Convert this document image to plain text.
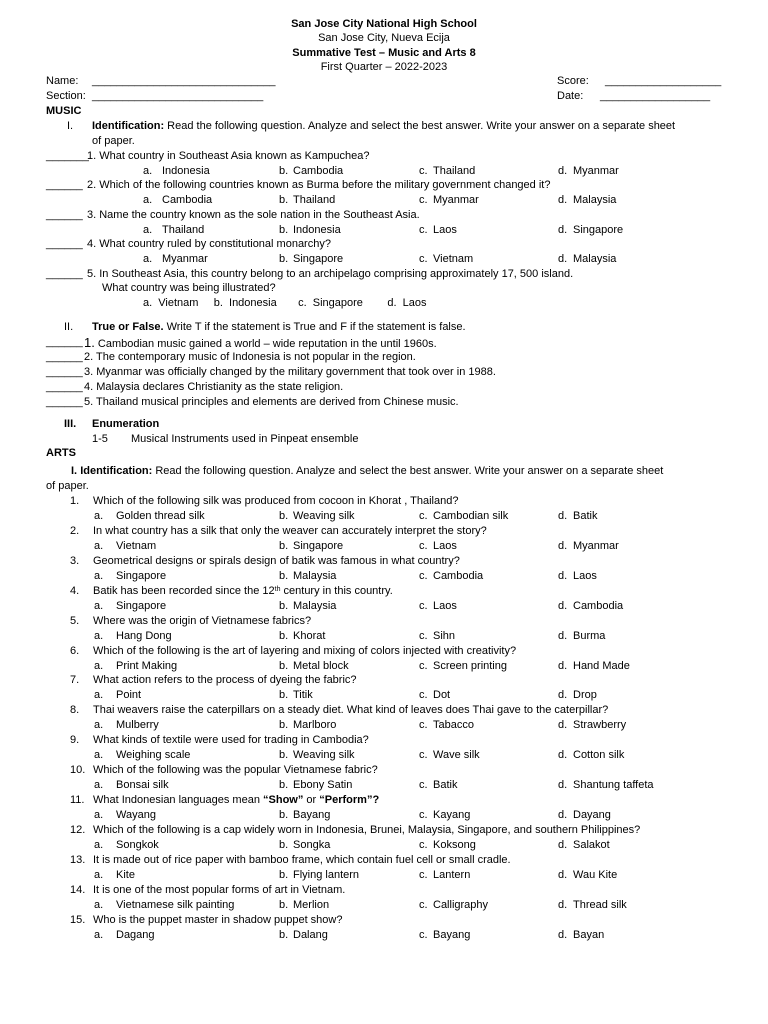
San Jose City National High School
San Jose City, Nueva Ecija
Summative Test – Music and Arts 8
First Quarter – 2022-2023
Name: ______________________________	Score: ___________________
Section: ____________________________	Date: __________________
MUSIC
I. Identification: Read the following question. Analyze and select the best answer. Write your answer on a separate sheet
of paper.
_______
1. What country in Southeast Asia known as Kampuchea?
a. Indonesia	b. Cambodia	c. Thailand	d. Myanmar
______ 2. Which of the following countries known as Burma before the military government changed it?
a. Cambodia	b. Thailand	c. Myanmar	d. Malaysia
______ 3. Name the country known as the sole nation in the Southeast Asia.
a. Thailand	b. Indonesia	c. Laos	d. Singapore
______ 4. What country ruled by constitutional monarchy?
a. Myanmar	b. Singapore	c. Vietnam	d. Malaysia
______ 5. In Southeast Asia, this country belong to an archipelago comprising approximately 17, 500 island.
What country was being illustrated?
a.  Vietnam     b.  Indonesia       c.  Singapore        d.  Laos
II. True or False. Write T if the statement is True and F if the statement is false.
______ 1. Cambodian music gained a world – wide reputation in the until 1960s.
______ 2. The contemporary music of Indonesia is not popular in the region.
______ 3. Myanmar was officially changed by the military government that took over in 1988.
______ 4. Malaysia declares Christianity as the state religion.
______ 5. Thailand musical principles and elements are derived from Chinese music.
III. Enumeration
1-5 Musical Instruments used in Pinpeat ensemble
ARTS
I. Identification: Read the following question. Analyze and select the best answer. Write your answer on a separate sheet
of paper.
1. Which of the following silk was produced from cocoon in Khorat , Thailand?
a. Golden thread silk	b. Weaving silk	c. Cambodian silk	d. Batik
2. In what country has a silk that only the weaver can accurately interpret the story?
a. Vietnam	b. Singapore	c. Laos	d. Myanmar
3. Geometrical designs or spirals design of batik was famous in what country?
a. Singapore	b. Malaysia	c. Cambodia	d. Laos
4. Batik has been recorded since the 12th century in this country.
a. Singapore	b. Malaysia	c. Laos	d. Cambodia
5. Where was the origin of Vietnamese fabrics?
a. Hang Dong	b. Khorat	c. Sihn	d. Burma
6. Which of the following is the art of layering and mixing of colors injected with creativity?
a. Print Making	b. Metal block	c. Screen printing	d. Hand Made
7. What action refers to the process of dyeing the fabric?
a. Point	b. Titik	c. Dot	d. Drop
8. Thai weavers raise the caterpillars on a steady diet. What kind of leaves does Thai gave to the caterpillar?
a. Mulberry	b. Marlboro	c. Tabacco	d. Strawberry
9. What kinds of textile were used for trading in Cambodia?
a. Weighing scale	b. Weaving silk	c. Wave silk	d. Cotton silk
10. Which of the following was the popular Vietnamese fabric?
a. Bonsai silk	b. Ebony Satin	c. Batik	d. Shantung taffeta
11. What Indonesian languages mean “Show” or “Perform”?
a. Wayang	b. Bayang	c. Kayang	d. Dayang
12. Which of the following is a cap widely worn in Indonesia, Brunei, Malaysia, Singapore, and southern Philippines?
a. Songkok	b. Songka	c. Koksong	d. Salakot
13. It is made out of rice paper with bamboo frame, which contain fuel cell or small cradle.
a. Kite	b. Flying lantern	c. Lantern	d. Wau Kite
14. It is one of the most popular forms of art in Vietnam.
a. Vietnamese silk painting	b. Merlion	c. Calligraphy	d. Thread silk
15. Who is the puppet master in shadow puppet show?
a. Dagang	b. Dalang	c. Bayang	d. Bayan
